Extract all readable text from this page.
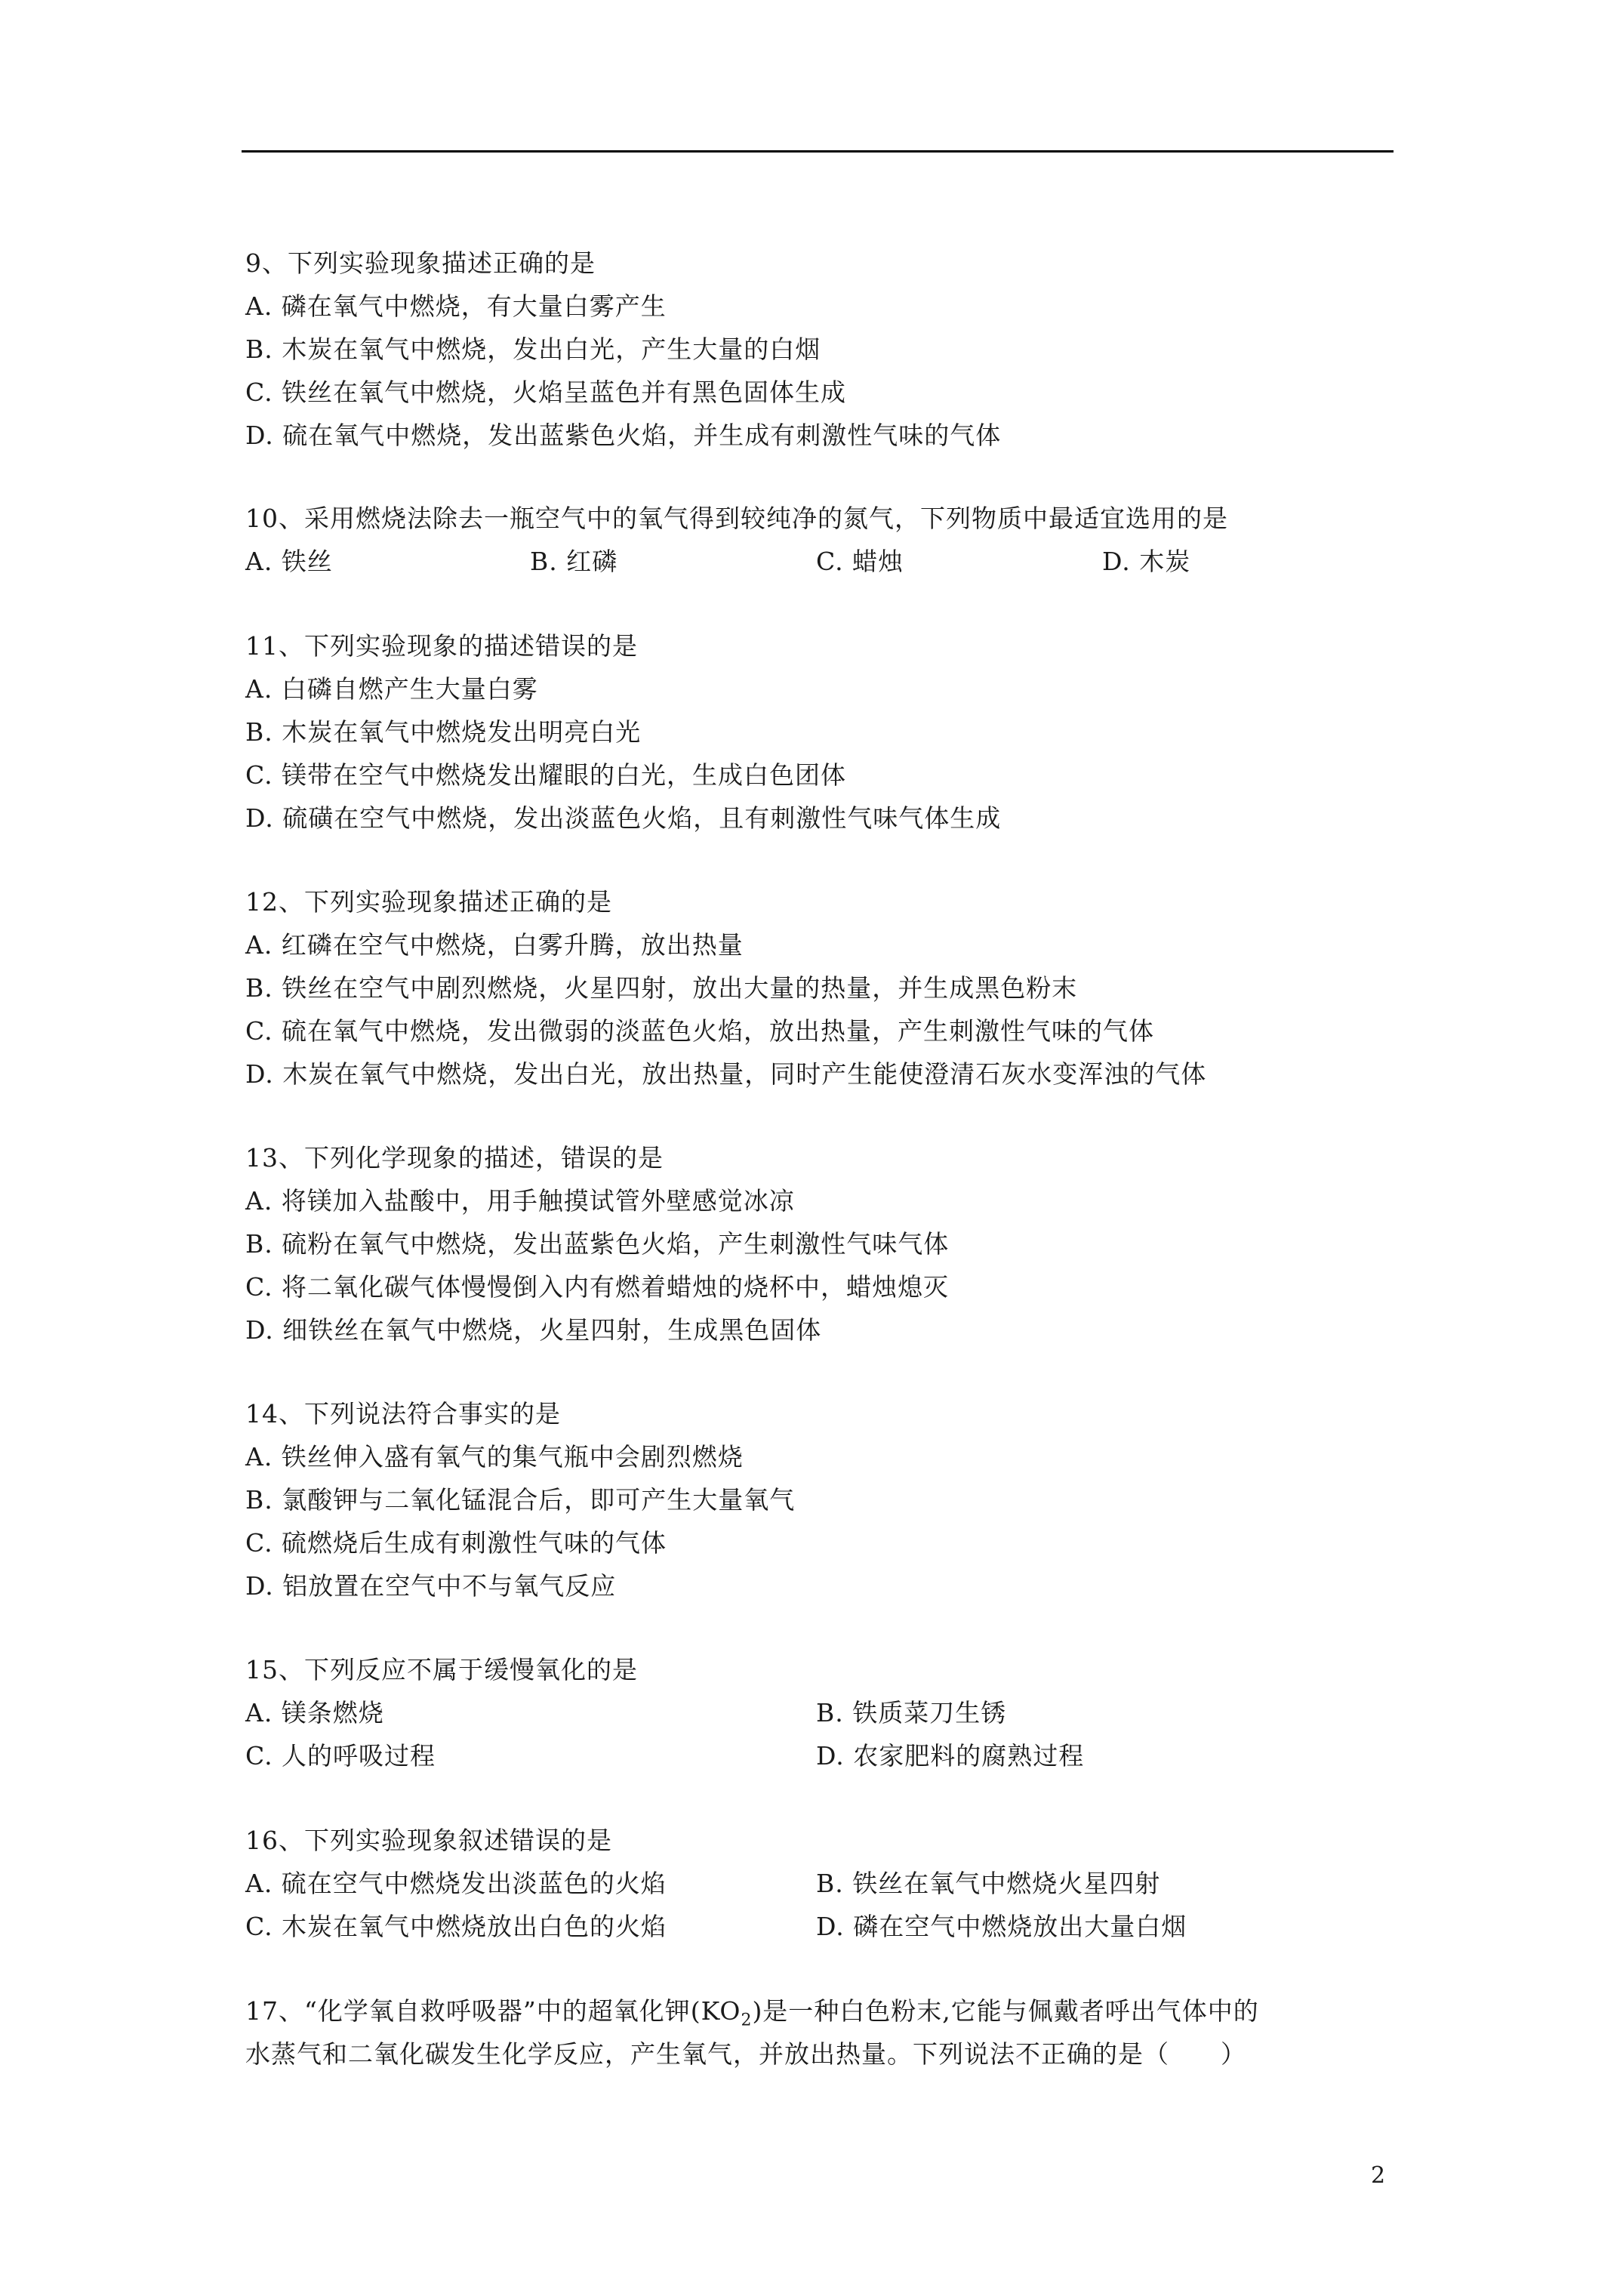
9、下列实验现象描述正确的是
A. 磷在氧气中燃烧，有大量白雾产生
B. 木炭在氧气中燃烧，发出白光，产生大量的白烟
C. 铁丝在氧气中燃烧，火焰呈蓝色并有黑色固体生成
D. 硫在氧气中燃烧，发出蓝紫色火焰，并生成有刺激性气味的气体
10、采用燃烧法除去一瓶空气中的氧气得到较纯净的氮气，下列物质中最适宜选用的是
A. 铁丝	B. 红磷	C. 蜡烛	D. 木炭
11、下列实验现象的描述错误的是
A. 白磷自燃产生大量白雾
B. 木炭在氧气中燃烧发出明亮白光
C. 镁带在空气中燃烧发出耀眼的白光，生成白色团体
D. 硫磺在空气中燃烧，发出淡蓝色火焰，且有刺激性气味气体生成
12、下列实验现象描述正确的是
A. 红磷在空气中燃烧，白雾升腾，放出热量
B. 铁丝在空气中剧烈燃烧，火星四射，放出大量的热量，并生成黑色粉末
C. 硫在氧气中燃烧，发出微弱的淡蓝色火焰，放出热量，产生刺激性气味的气体
D. 木炭在氧气中燃烧，发出白光，放出热量，同时产生能使澄清石灰水变浑浊的气体
13、下列化学现象的描述，错误的是
A. 将镁加入盐酸中，用手触摸试管外壁感觉冰凉
B. 硫粉在氧气中燃烧，发出蓝紫色火焰，产生刺激性气味气体
C. 将二氧化碳气体慢慢倒入内有燃着蜡烛的烧杯中，蜡烛熄灭
D. 细铁丝在氧气中燃烧，火星四射，生成黑色固体
14、下列说法符合事实的是
A. 铁丝伸入盛有氧气的集气瓶中会剧烈燃烧
B. 氯酸钾与二氧化锰混合后，即可产生大量氧气
C. 硫燃烧后生成有刺激性气味的气体
D. 铝放置在空气中不与氧气反应
15、下列反应不属于缓慢氧化的是
A. 镁条燃烧	B. 铁质菜刀生锈
C. 人的呼吸过程	D. 农家肥料的腐熟过程
16、下列实验现象叙述错误的是
A. 硫在空气中燃烧发出淡蓝色的火焰	B. 铁丝在氧气中燃烧火星四射
C. 木炭在氧气中燃烧放出白色的火焰	D. 磷在空气中燃烧放出大量白烟
17、“化学氧自救呼吸器”中的超氧化钾$(KO_2)$是一种白色粉末,它能与佩戴者呼出气体中的
水蒸气和二氧化碳发生化学反应，产生氧气，并放出热量。下列说法不正确的是（　　）
2
